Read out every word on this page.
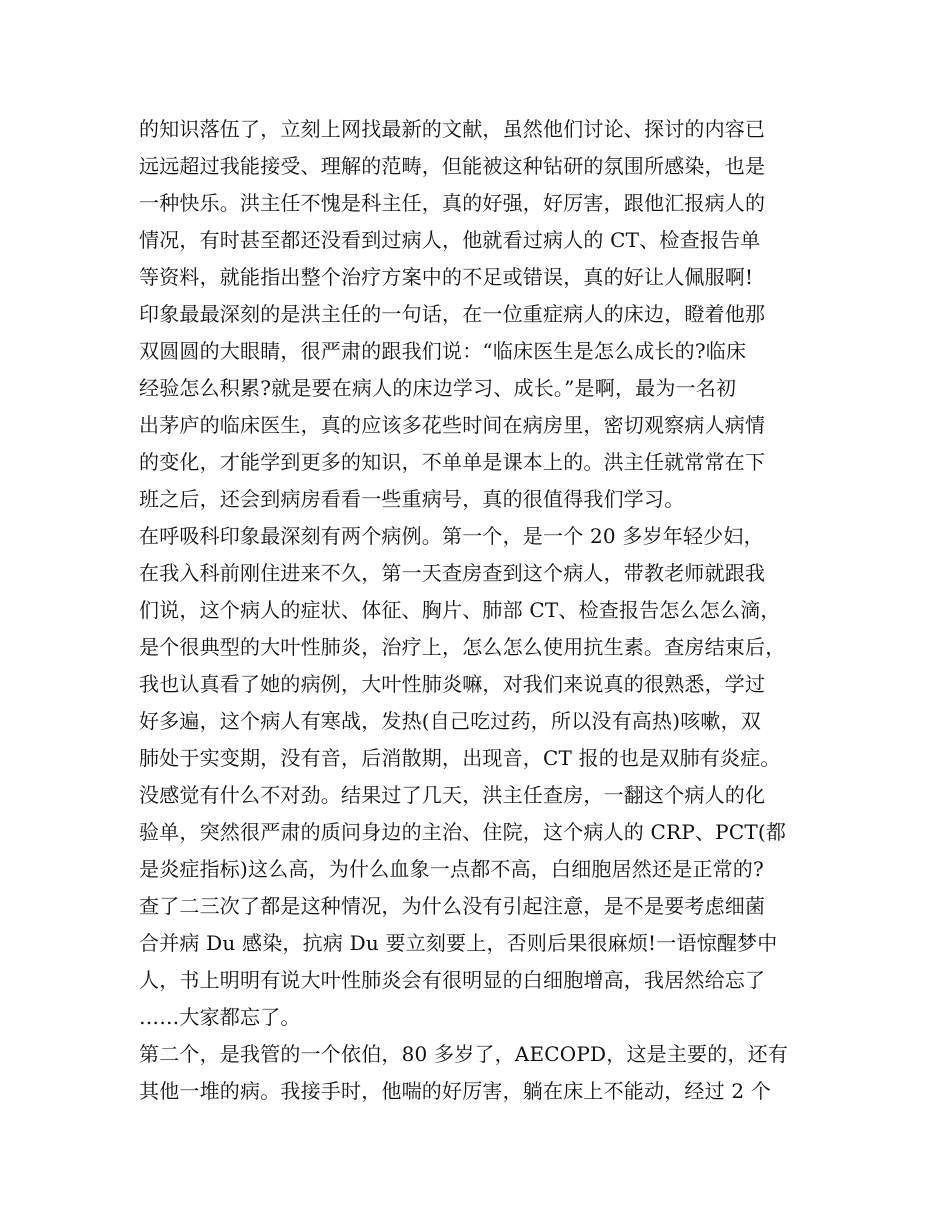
的知识落伍了，立刻上网找最新的文献，虽然他们讨论、探讨的内容已
远远超过我能接受、理解的范畴，但能被这种钻研的氛围所感染，也是
一种快乐。洪主任不愧是科主任，真的好强，好厉害，跟他汇报病人的
情况，有时甚至都还没看到过病人，他就看过病人的 CT、检查报告单
等资料，就能指出整个治疗方案中的不足或错误，真的好让人佩服啊!
印象最最深刻的是洪主任的一句话，在一位重症病人的床边，瞪着他那
双圆圆的大眼睛，很严肃的跟我们说：“临床医生是怎么成长的?临床
经验怎么积累?就是要在病人的床边学习、成长。”是啊，最为一名初
出茅庐的临床医生，真的应该多花些时间在病房里，密切观察病人病情
的变化，才能学到更多的知识，不单单是课本上的。洪主任就常常在下
班之后，还会到病房看看一些重病号，真的很值得我们学习。
在呼吸科印象最深刻有两个病例。第一个，是一个 20 多岁年轻少妇，
在我入科前刚住进来不久，第一天查房查到这个病人，带教老师就跟我
们说，这个病人的症状、体征、胸片、肺部 CT、检查报告怎么怎么滴，
是个很典型的大叶性肺炎，治疗上，怎么怎么使用抗生素。查房结束后，
我也认真看了她的病例，大叶性肺炎嘛，对我们来说真的很熟悉，学过
好多遍，这个病人有寒战，发热(自己吃过药，所以没有高热)咳嗽，双
肺处于实变期，没有音，后消散期，出现音，CT 报的也是双肺有炎症。
没感觉有什么不对劲。结果过了几天，洪主任查房，一翻这个病人的化
验单，突然很严肃的质问身边的主治、住院，这个病人的 CRP、PCT(都
是炎症指标)这么高，为什么血象一点都不高，白细胞居然还是正常的?
查了二三次了都是这种情况，为什么没有引起注意，是不是要考虑细菌
合并病 Du 感染，抗病 Du 要立刻要上，否则后果很麻烦!一语惊醒梦中
人，书上明明有说大叶性肺炎会有很明显的白细胞增高，我居然给忘了
……大家都忘了。
第二个，是我管的一个依伯，80 多岁了，AECOPD，这是主要的，还有
其他一堆的病。我接手时，他喘的好厉害，躺在床上不能动，经过 2 个
